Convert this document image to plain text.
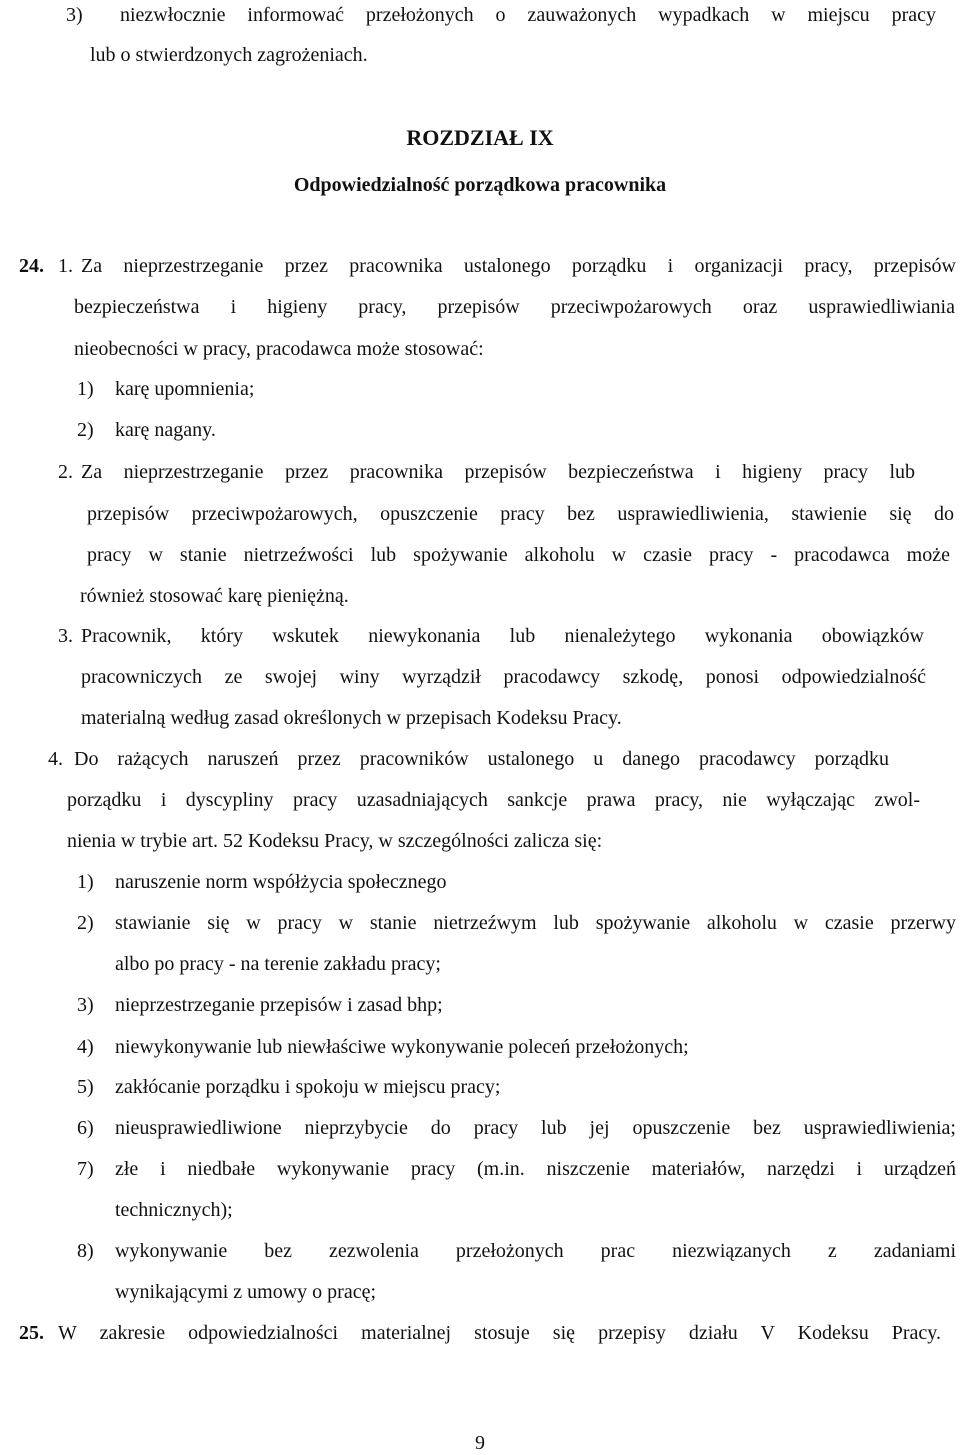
3) niezwłocznie informować przełożonych o zauważonych wypadkach w miejscu pracy
lub o stwierdzonych zagrożeniach.
ROZDZIAŁ IX
Odpowiedzialność porządkowa pracownika
24. 1. Za nieprzestrzeganie przez pracownika ustalonego porządku i organizacji pracy, przepisów
bezpieczeństwa i higieny pracy, przepisów przeciwpożarowych oraz usprawiedliwiania
nieobecności w pracy, pracodawca może stosować:
1) karę upomnienia;
2) karę nagany.
2. Za nieprzestrzeganie przez pracownika przepisów bezpieczeństwa i higieny pracy lub
przepisów przeciwpożarowych, opuszczenie pracy bez usprawiedliwienia, stawienie się do
pracy w stanie nietrzeźwości lub spożywanie alkoholu w czasie pracy - pracodawca może
również stosować karę pieniężną.
3. Pracownik, który wskutek niewykonania lub nienależytego wykonania obowiązków
pracowniczych ze swojej winy wyrządził pracodawcy szkodę, ponosi odpowiedzialność
materialną według zasad określonych w przepisach Kodeksu Pracy.
4. Do rażących naruszeń przez pracowników ustalonego u danego pracodawcy porządku
porządku i dyscypliny pracy uzasadniających sankcje prawa pracy, nie wyłączając zwol-
nienia w trybie art. 52 Kodeksu Pracy, w szczególności zalicza się:
1) naruszenie norm współżycia społecznego
2) stawianie się w pracy w stanie nietrzeźwym lub spożywanie alkoholu w czasie przerwy
albo po pracy - na terenie zakładu pracy;
3) nieprzestrzeganie przepisów i zasad bhp;
4) niewykonywanie lub niewłaściwe wykonywanie poleceń przełożonych;
5) zakłócanie porządku i spokoju w miejscu pracy;
6) nieusprawiedliwione nieprzybycie do pracy lub jej opuszczenie bez usprawiedliwienia;
7) złe i niedbałe wykonywanie pracy (m.in. niszczenie materiałów, narzędzi i urządzeń
technicznych);
8) wykonywanie bez zezwolenia przełożonych prac niezwiązanych z zadaniami
wynikającymi z umowy o pracę;
25. W zakresie odpowiedzialności materialnej stosuje się przepisy działu V Kodeksu Pracy.
9
